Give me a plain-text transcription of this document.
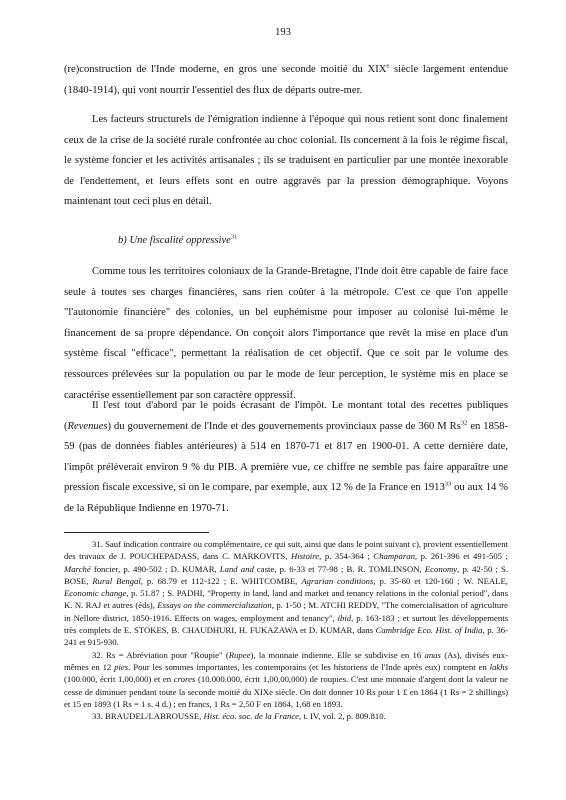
193

(re)construction de l'Inde moderne, en gros une seconde moitié du XIXe siècle largement entendue (1840-1914), qui vont nourrir l'essentiel des flux de départs outre-mer.

Les facteurs structurels de l'émigration indienne à l'époque qui nous retient sont donc finalement ceux de la crise de la société rurale confrontée au choc colonial. Ils concernent à la fois le régime fiscal, le système foncier et les activités artisanales ; ils se traduisent en particulier par une montée inexorable de l'endettement, et leurs effets sont en outre aggravés par la pression démographique. Voyons maintenant tout ceci plus en détail.

b) Une fiscalité oppressive$^{31}$

Comme tous les territoires coloniaux de la Grande-Bretagne, l'Inde doit être capable de faire face seule à toutes ses charges financières, sans rien coûter à la métropole. C'est ce que l'on appelle "l'autonomie financière" des colonies, un bel euphémisme pour imposer au colonisé lui-même le financement de sa propre dépendance. On conçoit alors l'importance que revêt la mise en place d'un système fiscal "efficace", permettant la réalisation de cet objectif. Que ce soit par le volume des ressources prélevées sur la population ou par le mode de leur perception, le système mis en place se caractérise essentiellement par son caractère oppressif.

Il l'est tout d'abord par le poids écrasant de l'impôt. Le montant total des recettes publiques (Revenues) du gouvernement de l'Inde et des gouvernements provinciaux passe de 360 M Rs$^{32}$ en 1858-59 (pas de données fiables antérieures) à 514 en 1870-71 et 817 en 1900-01. A cette dernière date, l'impôt prélèverait environ 9 % du PIB. A première vue, ce chiffre ne semble pas faire apparaître une pression fiscale excessive, si on le compare, par exemple, aux 12 % de la France en 1913$^{33}$ ou aux 14 % de la République Indienne en 1970-71.

31. Sauf indication contraire ou complémentaire, ce qui suit, ainsi que dans le point suivant c), provient essentiellement des travaux de J. POUCHEPADASS, dans C. MARKOVITS, Histoire, p. 354-364 ; Champaran, p. 261-396 et 491-505 ; Marché foncier, p. 490-502 ; D. KUMAR, Land and caste, p. 6-33 et 77-98 ; B. R. TOMLINSON, Economy, p. 42-50 ; S. BOSE, Rural Bengal, p. 68.79 et 112-122 ; E. WHITCOMBE, Agrarian conditions, p. 35-60 et 120-160 ; W. NEALE, Economic change, p. 51.87 ; S. PADHI, "Property in land, land and market and tenancy relations in the colonial period", dans K. N. RAJ et autres (éds), Essays on the commercialization, p. 1-50 ; M. ATCHI REDDY, "The comercialisation of agriculture in Nellore district, 1850-1916. Effects on wages, employment and tenancy", ibid, p. 163-183 ; et surtout les développements très complets de E. STOKES, B. CHAUDHURI, H. FUKAZAWA et D. KUMAR, dans Cambridge Eco. Hist. of India, p. 36-241 et 915-930.

32. Rs = Abréviation pour "Roupie" (Rupee), la monnaie indienne. Elle se subdivise en 16 anas (As), divisés eux-mêmes en 12 pies. Pour les sommes importantes, les contemporains (et les historiens de l'Inde après eux) comptent en lakhs (100.000, écrit 1,00,000) et en crores (10.000.000, écrit 1,00,00,000) de roupies. C'est une monnaie d'argent dont la valeur ne cesse de diminuer pendant toute la seconde moitié du XIXe siècle. On doit donner 10 Rs pour 1 £ en 1864 (1 Rs = 2 shillings) et 15 en 1893 (1 Rs = 1 s. 4 d.) ; en francs, 1 Rs = 2,50 F en 1864, 1,68 en 1893.

33. BRAUDEL/LABROUSSE, Hist. éco. soc. de la France, t. IV, vol. 2, p. 809.810.
